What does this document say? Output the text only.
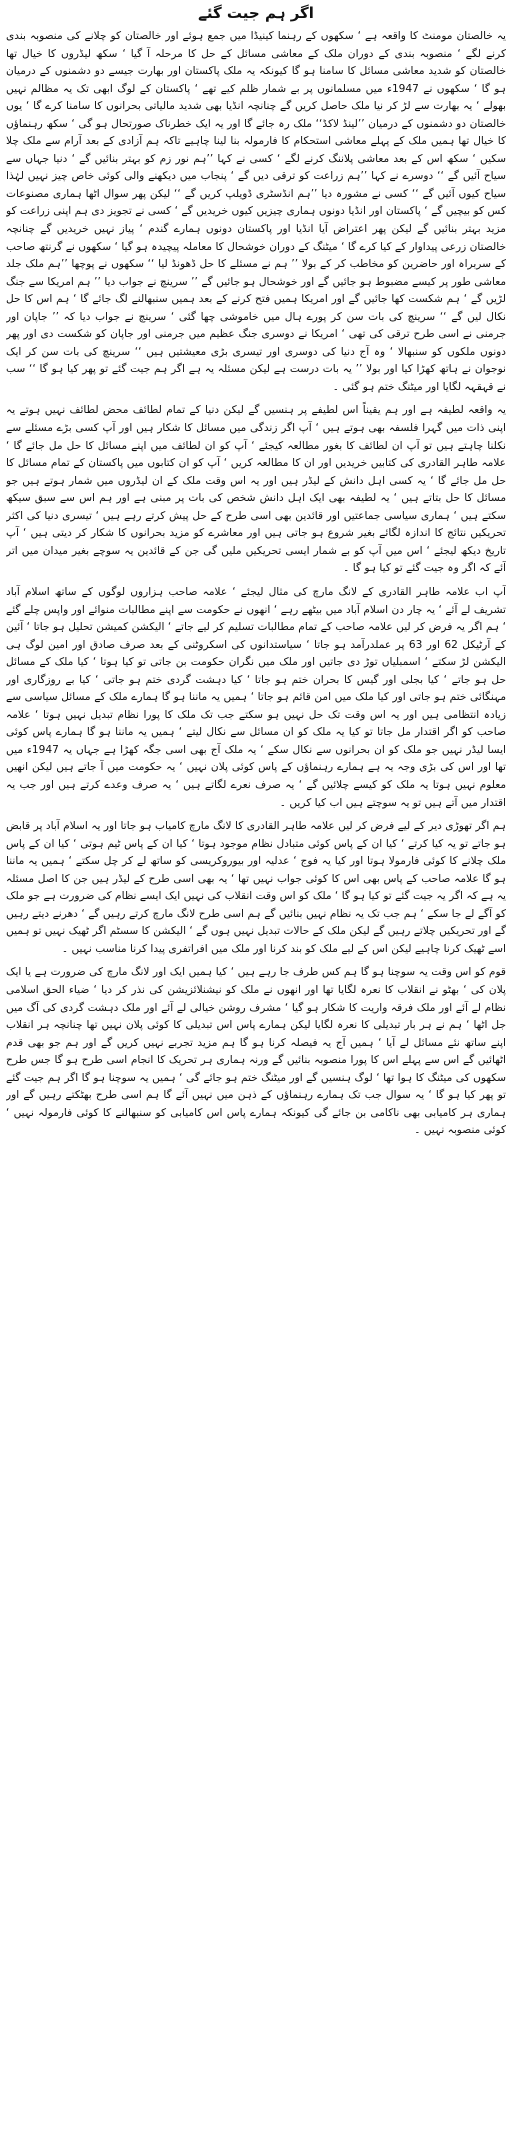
اگر ہم جیت گئے

یہ خالصتان مومنٹ کا واقعہ ہے ‘ سکھوں کے رہنما کینیڈا میں جمع ہوئے اور خالصتان کو چلانے کی منصوبہ بندی کرنے لگے ‘ منصوبہ بندی کے دوران ملک کے معاشی مسائل کے حل کا مرحلہ آ گیا ‘ سکھ لیڈروں کا خیال تھا خالصتان کو شدید معاشی مسائل کا سامنا ہو گا کیونکہ یہ ملک پاکستان اور بھارت جیسے دو دشمنوں کے درمیان ہو گا ‘ سکھوں نے 1947ء میں مسلمانوں پر بے شمار ظلم کیے تھے ‘ پاکستان کے لوگ ابھی تک یہ مظالم نہیں بھولے ‘ یہ بھارت سے لڑ کر نیا ملک حاصل کریں گے چنانچہ انڈیا بھی شدید مالیاتی بحرانوں کا سامنا کرے گا ‘ یوں خالصتان دو دشمنوں کے درمیان ’’لینڈ لاکڈ‘‘ ملک رہ جائے گا اور یہ ایک خطرناک صورتحال ہو گی ‘ سکھ رہنماؤں کا خیال تھا ہمیں ملک کے پہلے معاشی استحکام کا فارمولہ بنا لینا چاہیے تاکہ ہم آزادی کے بعد آرام سے ملک چلا سکیں ‘ سکھ اس کے بعد معاشی پلاننگ کرنے لگے ‘ کسی نے کہا ’’ہم نور زم کو بہتر بنائیں گے ‘ دنیا جہاں سے سیاح آئیں گے ‘‘ دوسرے نے کہا ’’ہم زراعت کو ترقی دیں گے ‘ پنجاب میں دیکھنے والی کوئی خاص چیز نہیں لہٰذا سیاح کیوں آئیں گے ‘‘ کسی نے مشورہ دیا ’’ہم انڈسٹری ڈویلپ کریں گے ‘‘ لیکن پھر سوال اٹھا ہماری مصنوعات کس کو بیچیں گے ‘ پاکستان اور انڈیا دونوں ہماری چیزیں کیوں خریدیں گے ‘ کسی نے تجویز دی ہم اپنی زراعت کو مزید بہتر بنائیں گے لیکن پھر اعتراض آیا انڈیا اور پاکستان دونوں ہمارے گندم ‘ پیاز نہیں خریدیں گے چنانچہ خالصتان زرعی پیداوار کے کیا کرے گا ‘ میٹنگ کے دوران خوشحال کا معاملہ پیچیدہ ہو گیا ‘ سکھوں نے گرنتھ صاحب کے سربراہ اور حاضرین کو مخاطب کر کے بولا ’’ ہم نے مسئلے کا حل ڈھونڈ لیا ‘‘ سکھوں نے پوچھا ’’ہم ملک جلد معاشی طور پر کیسے مضبوط ہو جائیں گے اور خوشحال ہو جائیں گے ’’ سرینچ نے جواب دیا ’’ ہم امریکا سے جنگ لڑیں گے ‘ ہم شکست کھا جائیں گے اور امریکا ہمیں فتح کرنے کے بعد ہمیں سنبھالنے لگ جائے گا ‘ ہم اس کا حل نکال لیں گے ‘‘ سرینچ کی بات سن کر پورے ہال میں خاموشی چھا گئی ‘ سرینچ نے جواب دیا کہ ’’ جاپان اور جرمنی نے اسی طرح ترقی کی تھی ‘ امریکا نے دوسری جنگ عظیم میں جرمنی اور جاپان کو شکست دی اور پھر دونوں ملکوں کو سنبھالا ‘ وہ آج دنیا کی دوسری اور تیسری بڑی معیشتیں ہیں ‘‘ سرینچ کی بات سن کر ایک نوجوان نے ہاتھ کھڑا کیا اور بولا ’’ یہ بات درست ہے لیکن مسئلہ یہ ہے اگر ہم جیت گئے تو پھر کیا ہو گا ‘‘ سب نے قہقہہ لگایا اور میٹنگ ختم ہو گئی ۔

یہ واقعہ لطیفہ ہے اور ہم یقیناً اس لطیفے پر ہنسیں گے لیکن دنیا کے تمام لطائف محض لطائف نہیں ہوتے یہ اپنی ذات میں گہرا فلسفہ بھی ہوتے ہیں ‘ آپ اگر زندگی میں مسائل کا شکار ہیں اور آپ کسی بڑے مسئلے سے نکلنا چاہتے ہیں تو آپ ان لطائف کا بغور مطالعہ کیجئے ‘ آپ کو ان لطائف میں اپنے مسائل کا حل مل جائے گا ‘ علامہ طاہر القادری کی کتابیں خریدیں اور ان کا مطالعہ کریں ‘ آپ کو ان کتابوں میں پاکستان کے تمام مسائل کا حل مل جائے گا ‘ یہ کسی اہل دانش کے لیڈر ہیں اور یہ اس وقت ملک کے ان لیڈروں میں شمار ہوتے ہیں جو مسائل کا حل بتاتے ہیں ‘ یہ لطیفہ بھی ایک اہل دانش شخص کی بات پر مبنی ہے اور ہم اس سے سبق سیکھ سکتے ہیں ‘ ہماری سیاسی جماعتیں اور قائدین بھی اسی طرح کے حل پیش کرتے رہے ہیں ‘ تیسری دنیا کی اکثر تحریکیں نتائج کا اندازہ لگائے بغیر شروع ہو جاتی ہیں اور معاشرے کو مزید بحرانوں کا شکار کر دیتی ہیں ‘ آپ تاریخ دیکھ لیجئے ‘ اس میں آپ کو بے شمار ایسی تحریکیں ملیں گی جن کے قائدین یہ سوچے بغیر میدان میں اتر آئے کہ اگر وہ جیت گئے تو کیا ہو گا ۔

آپ اب علامہ طاہر القادری کے لانگ مارچ کی مثال لیجئے ‘ علامہ صاحب ہزاروں لوگوں کے ساتھ اسلام آباد تشریف لے آئے ‘ یہ چار دن اسلام آباد میں بیٹھے رہے ‘ انھوں نے حکومت سے اپنے مطالبات منوائے اور واپس چلے گئے ‘ ہم اگر یہ فرض کر لیں علامہ صاحب کے تمام مطالبات تسلیم کر لیے جاتے ‘ الیکشن کمیشن تحلیل ہو جاتا ‘ آئین کے آرٹیکل 62 اور 63 پر عملدرآمد ہو جاتا ‘ سیاستدانوں کی اسکروٹنی کے بعد صرف صادق اور امین لوگ ہی الیکشن لڑ سکتے ‘ اسمبلیاں توڑ دی جاتیں اور ملک میں نگران حکومت بن جاتی تو کیا ہوتا ‘ کیا ملک کے مسائل حل ہو جاتے ‘ کیا بجلی اور گیس کا بحران ختم ہو جاتا ‘ کیا دہشت گردی ختم ہو جاتی ‘ کیا بے روزگاری اور مہنگائی ختم ہو جاتی اور کیا ملک میں امن قائم ہو جاتا ‘ ہمیں یہ ماننا ہو گا ہمارے ملک کے مسائل سیاسی سے زیادہ انتظامی ہیں اور یہ اس وقت تک حل نہیں ہو سکتے جب تک ملک کا پورا نظام تبدیل نہیں ہوتا ‘ علامہ صاحب کو اگر اقتدار مل جاتا تو کیا یہ ملک کو ان مسائل سے نکال لیتے ‘ ہمیں یہ ماننا ہو گا ہمارے پاس کوئی ایسا لیڈر نہیں جو ملک کو ان بحرانوں سے نکال سکے ‘ یہ ملک آج بھی اسی جگہ کھڑا ہے جہاں یہ 1947ء میں تھا اور اس کی بڑی وجہ یہ ہے ہمارے رہنماؤں کے پاس کوئی پلان نہیں ‘ یہ حکومت میں آ جاتے ہیں لیکن انھیں معلوم نہیں ہوتا یہ ملک کو کیسے چلائیں گے ‘ یہ صرف نعرے لگاتے ہیں ‘ یہ صرف وعدے کرتے ہیں اور جب یہ اقتدار میں آتے ہیں تو یہ سوچتے ہیں اب کیا کریں ۔

ہم اگر تھوڑی دیر کے لیے فرض کر لیں علامہ طاہر القادری کا لانگ مارچ کامیاب ہو جاتا اور یہ اسلام آباد پر قابض ہو جاتے تو یہ کیا کرتے ‘ کیا ان کے پاس کوئی متبادل نظام موجود ہوتا ‘ کیا ان کے پاس ٹیم ہوتی ‘ کیا ان کے پاس ملک چلانے کا کوئی فارمولا ہوتا اور کیا یہ فوج ‘ عدلیہ اور بیوروکریسی کو ساتھ لے کر چل سکتے ‘ ہمیں یہ ماننا ہو گا علامہ صاحب کے پاس بھی اس کا کوئی جواب نہیں تھا ‘ یہ بھی اسی طرح کے لیڈر ہیں جن کا اصل مسئلہ یہ ہے کہ اگر یہ جیت گئے تو کیا ہو گا ‘ ملک کو اس وقت انقلاب کی نہیں ایک ایسے نظام کی ضرورت ہے جو ملک کو آگے لے جا سکے ‘ ہم جب تک یہ نظام نہیں بنائیں گے ہم اسی طرح لانگ مارچ کرتے رہیں گے ‘ دھرنے دیتے رہیں گے اور تحریکیں چلاتے رہیں گے لیکن ملک کے حالات تبدیل نہیں ہوں گے ‘ الیکشن کا سسٹم اگر ٹھیک نہیں تو ہمیں اسے ٹھیک کرنا چاہیے لیکن اس کے لیے ملک کو بند کرنا اور ملک میں افراتفری پیدا کرنا مناسب نہیں ۔

قوم کو اس وقت یہ سوچنا ہو گا ہم کس طرف جا رہے ہیں ‘ کیا ہمیں ایک اور لانگ مارچ کی ضرورت ہے یا ایک پلان کی ‘ بھٹو نے انقلاب کا نعرہ لگایا تھا اور انھوں نے ملک کو نیشنلائزیشن کی نذر کر دیا ‘ ضیاء الحق اسلامی نظام لے آئے اور ملک فرقہ واریت کا شکار ہو گیا ‘ مشرف روشن خیالی لے آئے اور ملک دہشت گردی کی آگ میں جل اٹھا ‘ ہم نے ہر بار تبدیلی کا نعرہ لگایا لیکن ہمارے پاس اس تبدیلی کا کوئی پلان نہیں تھا چنانچہ ہر انقلاب اپنے ساتھ نئے مسائل لے آیا ‘ ہمیں آج یہ فیصلہ کرنا ہو گا ہم مزید تجربے نہیں کریں گے اور ہم جو بھی قدم اٹھائیں گے اس سے پہلے اس کا پورا منصوبہ بنائیں گے ورنہ ہماری ہر تحریک کا انجام اسی طرح ہو گا جس طرح سکھوں کی میٹنگ کا ہوا تھا ‘ لوگ ہنسیں گے اور میٹنگ ختم ہو جائے گی ‘ ہمیں یہ سوچنا ہو گا اگر ہم جیت گئے تو پھر کیا ہو گا ‘ یہ سوال جب تک ہمارے رہنماؤں کے ذہن میں نہیں آئے گا ہم اسی طرح بھٹکتے رہیں گے اور ہماری ہر کامیابی بھی ناکامی بن جائے گی کیونکہ ہمارے پاس اس کامیابی کو سنبھالنے کا کوئی فارمولہ نہیں ‘ کوئی منصوبہ نہیں ۔
